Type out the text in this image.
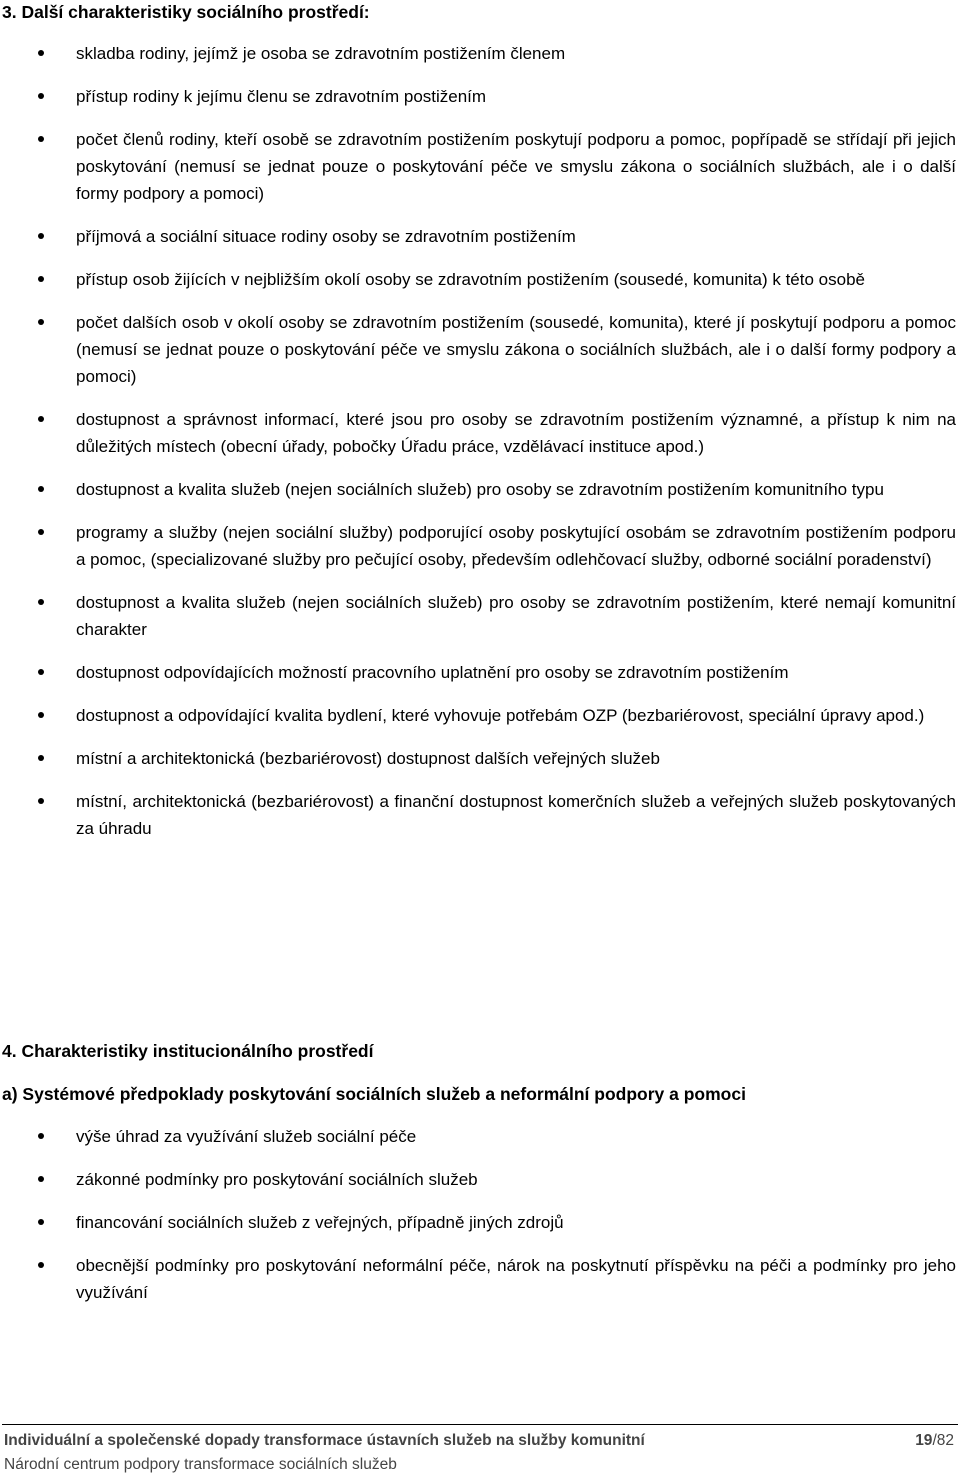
3. Další charakteristiky sociálního prostředí:
skladba rodiny, jejímž je osoba se zdravotním postižením členem
přístup rodiny k jejímu členu se zdravotním postižením
počet členů rodiny, kteří osobě se zdravotním postižením poskytují podporu a pomoc, popřípadě se střídají při jejich poskytování (nemusí se jednat pouze o poskytování péče ve smyslu zákona o sociálních službách, ale i o další formy podpory a pomoci)
příjmová a sociální situace rodiny osoby se zdravotním postižením
přístup osob žijících v nejbližším okolí osoby se zdravotním postižením (sousedé, komunita) k této osobě
počet dalších osob v okolí osoby se zdravotním postižením (sousedé, komunita), které jí poskytují podporu a pomoc (nemusí se jednat pouze o poskytování péče ve smyslu zákona o sociálních službách, ale i o další formy podpory a pomoci)
dostupnost a správnost informací, které jsou pro osoby se zdravotním postižením významné, a přístup k nim na důležitých místech (obecní úřady, pobočky Úřadu práce, vzdělávací instituce apod.)
dostupnost a kvalita služeb (nejen sociálních služeb) pro osoby se zdravotním postižením komunitního typu
programy a služby (nejen sociální služby) podporující osoby poskytující osobám se zdravotním postižením podporu a pomoc, (specializované služby pro pečující osoby, především odlehčovací služby, odborné sociální poradenství)
dostupnost a kvalita služeb (nejen sociálních služeb) pro osoby se zdravotním postižením, které nemají komunitní charakter
dostupnost odpovídajících možností pracovního uplatnění pro osoby se zdravotním postižením
dostupnost a odpovídající kvalita bydlení, které vyhovuje potřebám OZP (bezbariérovost, speciální úpravy apod.)
místní a architektonická (bezbariérovost) dostupnost dalších veřejných služeb
místní, architektonická (bezbariérovost) a finanční dostupnost komerčních služeb a veřejných služeb poskytovaných za úhradu
4. Charakteristiky institucionálního prostředí
a) Systémové předpoklady poskytování sociálních služeb a neformální podpory a pomoci
výše úhrad za využívání služeb sociální péče
zákonné podmínky pro poskytování sociálních služeb
financování sociálních služeb z veřejných, případně jiných zdrojů
obecnější podmínky pro poskytování neformální péče, nárok na poskytnutí příspěvku na péči a podmínky pro jeho využívání
Individuální a společenské dopady transformace ústavních služeb na služby komunitní	19/82
Národní centrum podpory transformace sociálních služeb
